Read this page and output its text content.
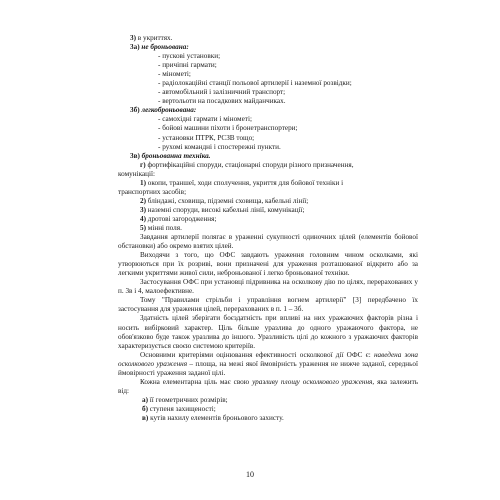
3) в укриттях.
3а) не броньована:
- пускові установки;
- причіпні гармати;
- мінометі;
- радіолокаційні станції польової артилерії і наземної розвідки;
- автомобільний і залізничний транспорт;
- вертольоти на посадкових майданчиках.
3б) легкоброньована:
- самохідні гармати і мінометі;
- бойові машини піхоти і бронетранспортери;
- установки ПТРК, РСЗВ тощо;
- рухомі командні і спостережні пункти.
3в) броньованна техніка.
г) фортифікаційні споруди, стаціонарні споруди різного призначення,
комунікації:
1) окопи, траншеї, ходи сполучення, укриття для бойової техніки і
транспортних засобів;
2) бліндажі, сховища, підземні сховища, кабельні лінії;
3) наземні споруди, високі кабельні лінії, комунікації;
4) дротові загородження;
5) мінні поля.
Завдання артилерії полягає в ураженні сукупності одиночних цілей (елементів бойової обстановки) або окремо взятих цілей.
Виходячи з того, що ОФС завдають ураження головним чином осколками, які утворюються при їх розриві, вони призначені для ураження розташованої відкрито або за легкими укриттями живої сили, неброньованої і легко броньованої техніки.
Застосування ОФС при установці підривника на осколкову дію по цілях, перерахованих у п. 3в і 4, малоефективне.
Тому "Правилами стрільби і управління вогнем артилерії" [3] передбачено їх застосування для ураження цілей, перерахованих в п. 1 – 3б.
Здатність цілей зберігати боєздатність при впливі на них уражаючих факторів різна і носить вибірковий характер. Ціль більше уразлива до одного уражаючого фактора, не обов'язково буде також уразлива до іншого. Уразливість цілі до кожного з уражаючих факторів характеризується своєю системою критеріїв.
Основними критеріями оцінювання ефективності осколкової дії ОФС є: наведена зона осколкового ураження – площа, на межі якої ймовірність ураження не нижче заданої, середньої ймовірності ураження заданої цілі.
Кожна елементарна ціль має свою уразливу площу осколкового ураження, яка залежить від:
а) її геометричних розмірів;
б) ступеня захищеності;
в) кутів нахилу елементів броньового захисту.
10
